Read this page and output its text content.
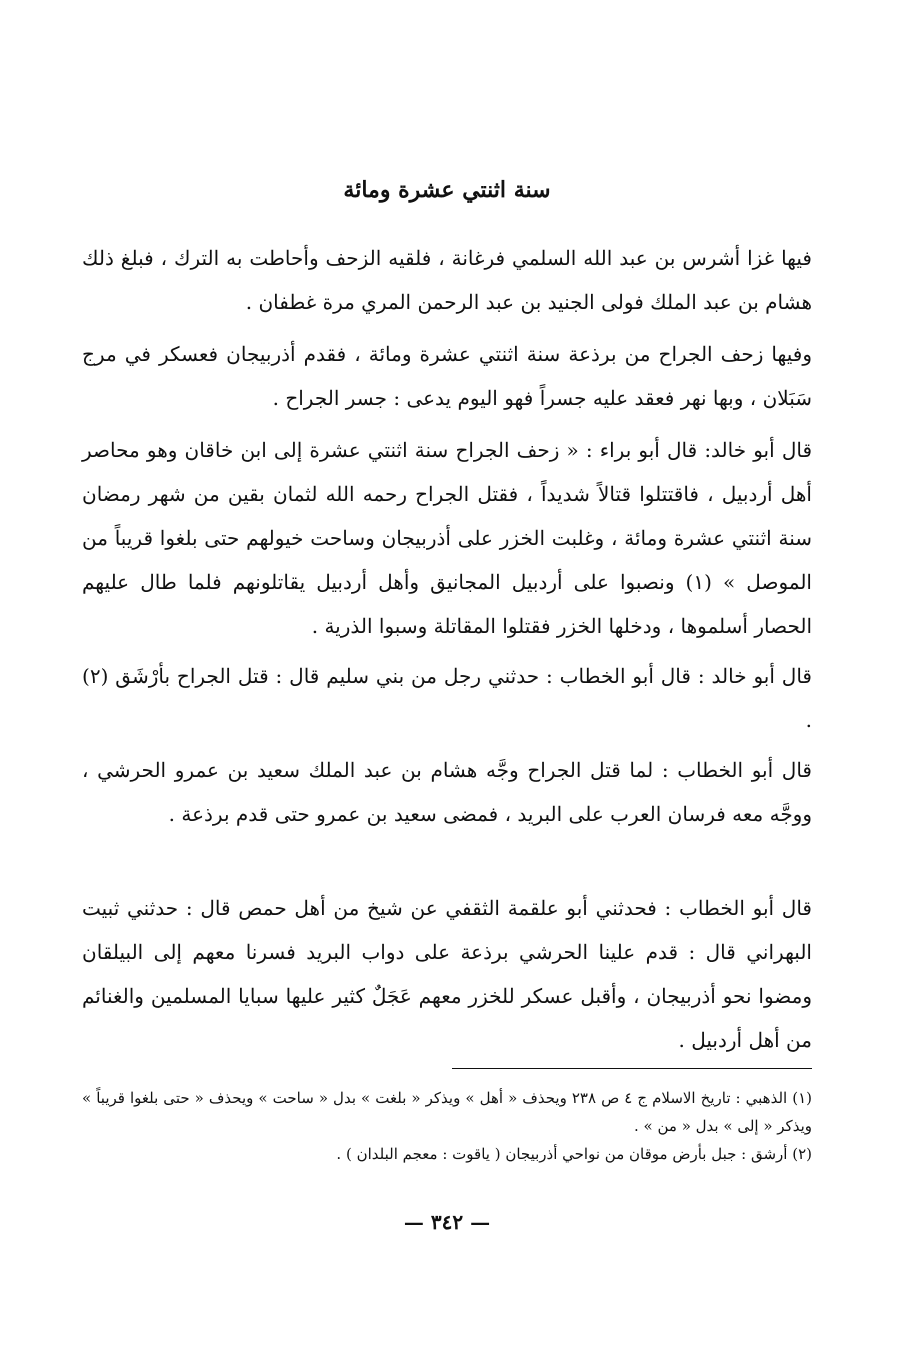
سنة اثنتي عشرة ومائة
فيها غزا أشرس بن عبد الله السلمي فرغانة ، فلقيه الزحف وأحاطت به الترك ، فبلغ ذلك هشام بن عبد الملك فولى الجنيد بن عبد الرحمن المري مرة غطفان .
وفيها زحف الجراح من برذعة سنة اثنتي عشرة ومائة ، فقدم أذربيجان فعسكر في مرج سَبَلان ، وبها نهر فعقد عليه جسراً فهو اليوم يدعى : جسر الجراح .
قال أبو خالد: قال أبو براء : « زحف الجراح سنة اثنتي عشرة إلى ابن خاقان وهو محاصر أهل أردبيل ، فاقتتلوا قتالاً شديداً ، فقتل الجراح رحمه الله لثمان بقين من شهر رمضان سنة اثنتي عشرة ومائة ، وغلبت الخزر على أذربيجان وساحت خيولهم حتى بلغوا قريباً من الموصل » (١) ونصبوا على أردبيل المجانيق وأهل أردبيل يقاتلونهم فلما طال عليهم الحصار أسلموها ، ودخلها الخزر فقتلوا المقاتلة وسبوا الذرية .
قال أبو خالد : قال أبو الخطاب : حدثني رجل من بني سليم قال : قتل الجراح بأرْشَق (٢) .
قال أبو الخطاب : لما قتل الجراح وجَّه هشام بن عبد الملك سعيد بن عمرو الحرشي ، ووجَّه معه فرسان العرب على البريد ، فمضى سعيد بن عمرو حتى قدم برذعة .
قال أبو الخطاب : فحدثني أبو علقمة الثقفي عن شيخ من أهل حمص قال : حدثني ثبيت البهراني قال : قدم علينا الحرشي برذعة على دواب البريد فسرنا معهم إلى البيلقان ومضوا نحو أذربيجان ، وأقبل عسكر للخزر معهم عَجَلٌ كثير عليها سبايا المسلمين والغنائم من أهل أردبيل .

(١) الذهبي : تاريخ الاسلام ج ٤ ص ٢٣٨ ويحذف « أهل » ويذكر « بلغت » بدل « ساحت » ويحذف « حتى بلغوا قريباً » ويذكر « إلى » بدل « من » .

(٢) أرشق : جبل بأرض موقان من نواحي أذربيجان ( ياقوت : معجم البلدان ) .

— ٣٤٢ —
